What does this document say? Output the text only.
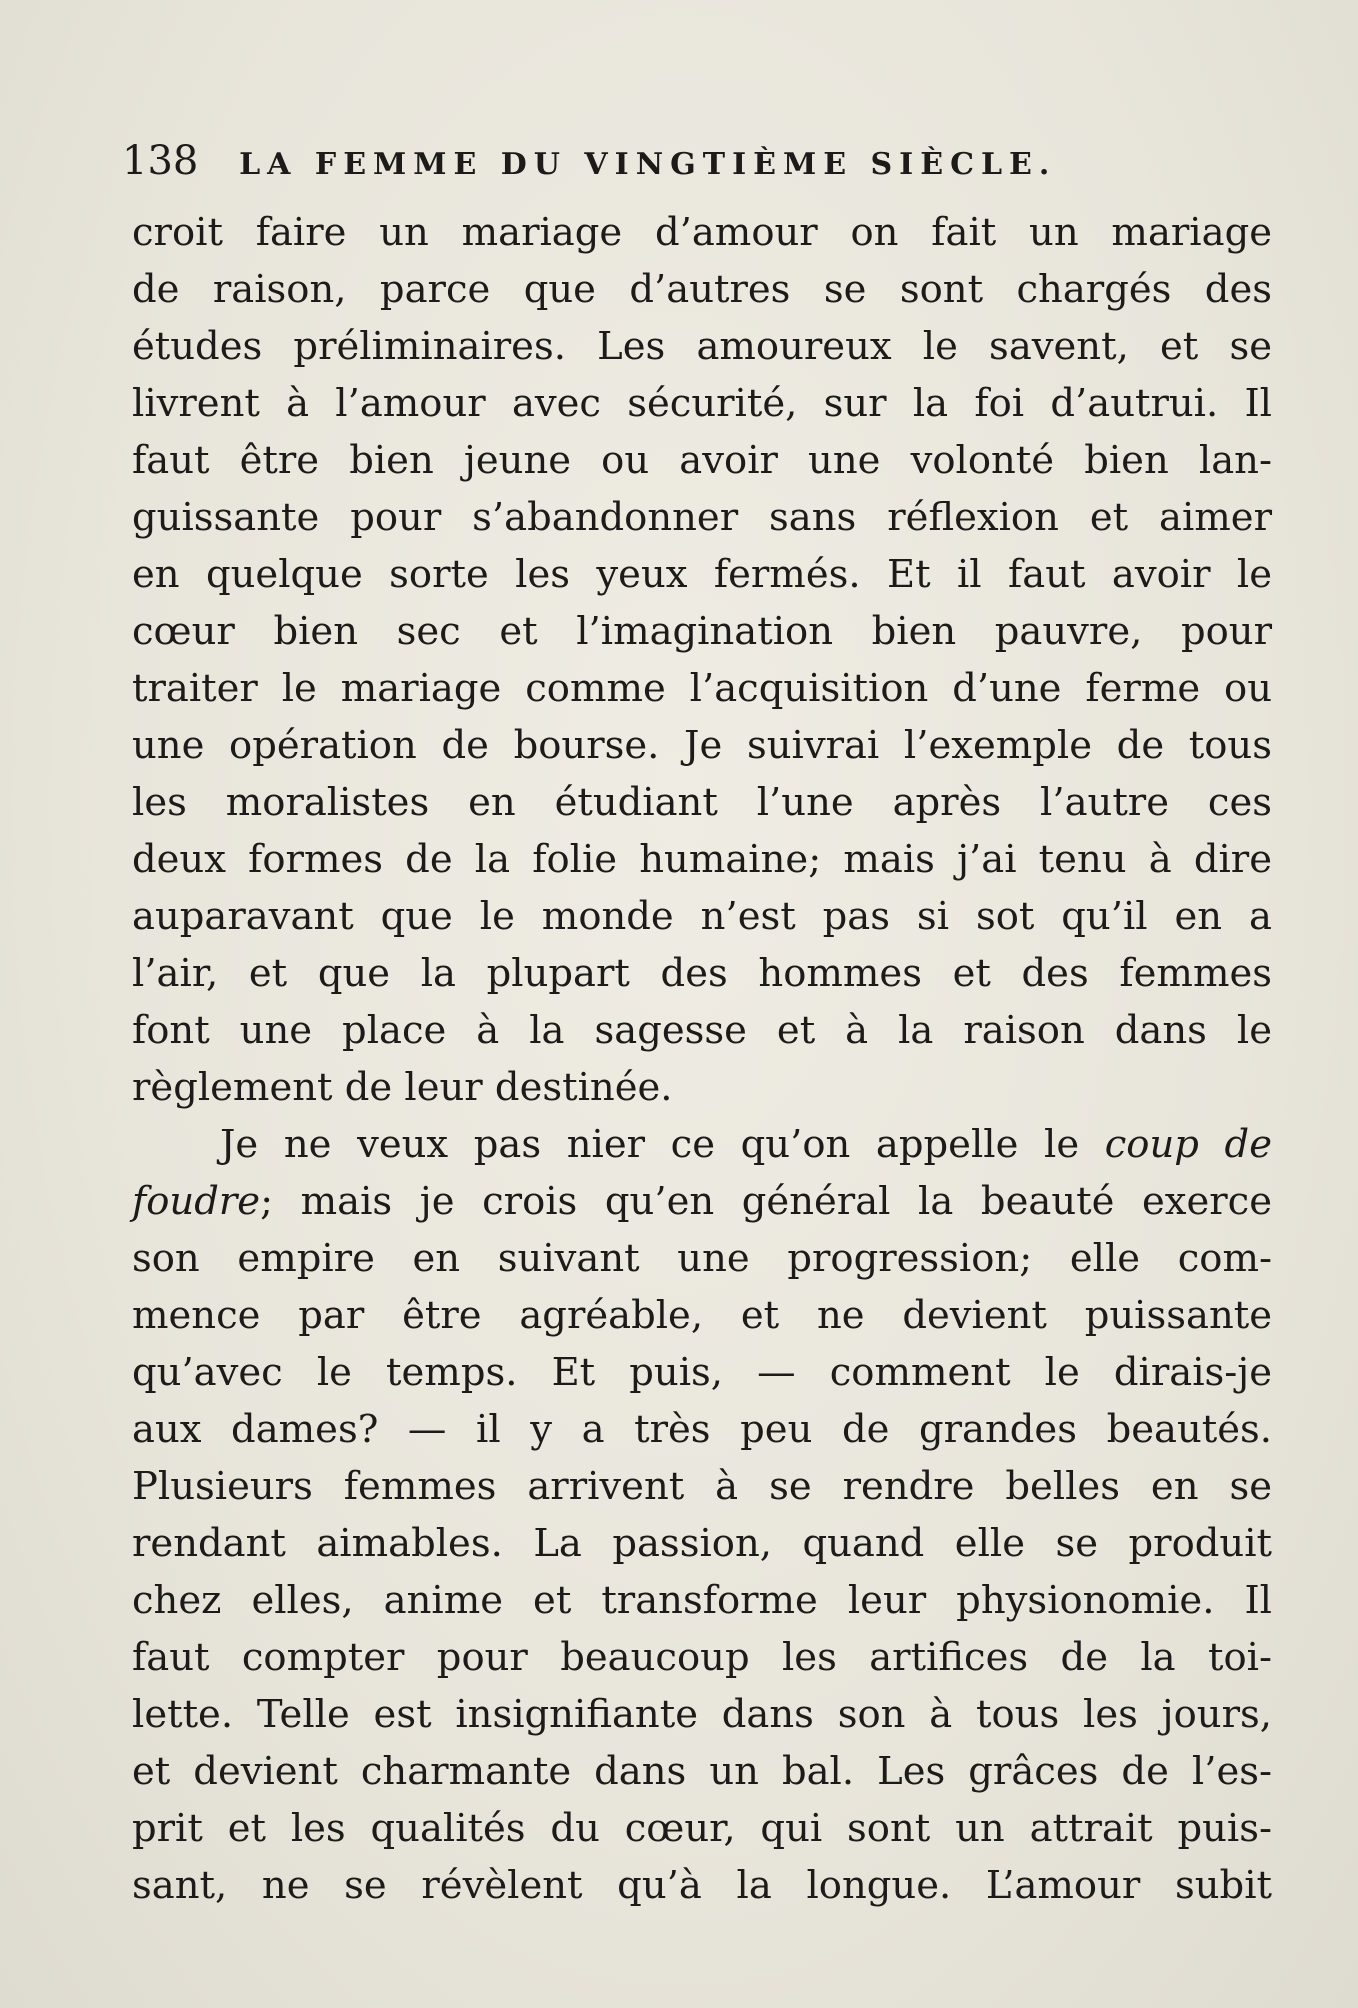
138 LA FEMME DU VINGTIÈME SIÈCLE.
croit faire un mariage d’amour on fait un mariage
de raison, parce que d’autres se sont chargés des
études préliminaires. Les amoureux le savent, et se
livrent à l’amour avec sécurité, sur la foi d’autrui. Il
faut être bien jeune ou avoir une volonté bien lan-
guissante pour s’abandonner sans réflexion et aimer
en quelque sorte les yeux fermés. Et il faut avoir le
cœur bien sec et l’imagination bien pauvre, pour
traiter le mariage comme l’acquisition d’une ferme ou
une opération de bourse. Je suivrai l’exemple de tous
les moralistes en étudiant l’une après l’autre ces
deux formes de la folie humaine; mais j’ai tenu à dire
auparavant que le monde n’est pas si sot qu’il en a
l’air, et que la plupart des hommes et des femmes
font une place à la sagesse et à la raison dans le
règlement de leur destinée.
Je ne veux pas nier ce qu’on appelle le coup de
foudre; mais je crois qu’en général la beauté exerce
son empire en suivant une progression; elle com-
mence par être agréable, et ne devient puissante
qu’avec le temps. Et puis, — comment le dirais-je
aux dames? — il y a très peu de grandes beautés.
Plusieurs femmes arrivent à se rendre belles en se
rendant aimables. La passion, quand elle se produit
chez elles, anime et transforme leur physionomie. Il
faut compter pour beaucoup les artifices de la toi-
lette. Telle est insignifiante dans son à tous les jours,
et devient charmante dans un bal. Les grâces de l’es-
prit et les qualités du cœur, qui sont un attrait puis-
sant, ne se révèlent qu’à la longue. L’amour subit
